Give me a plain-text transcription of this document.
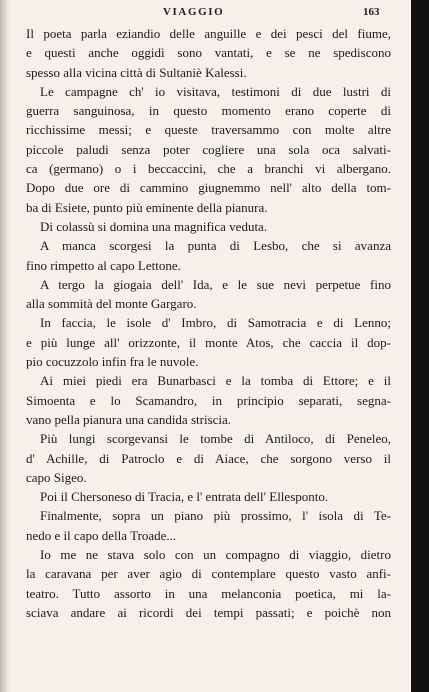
VIAGGIO	163
Il poeta parla eziandio delle anguille e dei pesci del fiume,
e questi anche oggidì sono vantati, e se ne spediscono
spesso alla vicina città di Sultaniè Kalessi.
Le campagne ch' io visitava, testimoni di due lustri di
guerra sanguinosa, in questo momento erano coperte di
ricchissime messi; e queste traversammo con molte altre
piccole paludi senza poter cogliere una sola oca salvati-
ca (germano) o i beccaccini, che a branchi vi albergano.
Dopo due ore di cammino giugnemmo nell' alto della tom-
ba di Esiete, punto più eminente della pianura.
Di colassù si domina una magnifica veduta.
A manca scorgesi la punta di Lesbo, che si avanza
fino rimpetto al capo Lettone.
A tergo la giogaia dell' Ida, e le sue nevi perpetue fino
alla sommità del monte Gargaro.
In faccia, le isole d' Imbro, di Samotracia e di Lenno;
e più lunge all' orizzonte, il monte Atos, che caccia il dop-
pio cocuzzolo infin fra le nuvole.
Ai miei piedi era Bunarbasci e la tomba di Ettore; e il
Simoenta e lo Scamandro, in principio separati, segna-
vano pella pianura una candida striscia.
Più lungi scorgevansi le tombe di Antiloco, di Peneleo,
d' Achille, di Patroclo e di Aiace, che sorgono verso il
capo Sigeo.
Poi il Chersoneso di Tracia, e l' entrata dell' Ellesponto.
Finalmente, sopra un piano più prossimo, l' isola di Te-
nedo e il capo della Troade...
Io me ne stava solo con un compagno di viaggio, dietro
la caravana per aver agio di contemplare questo vasto anfi-
teatro. Tutto assorto in una melanconia poetica, mi la-
sciava andare ai ricordi dei tempi passati; e poichè non
